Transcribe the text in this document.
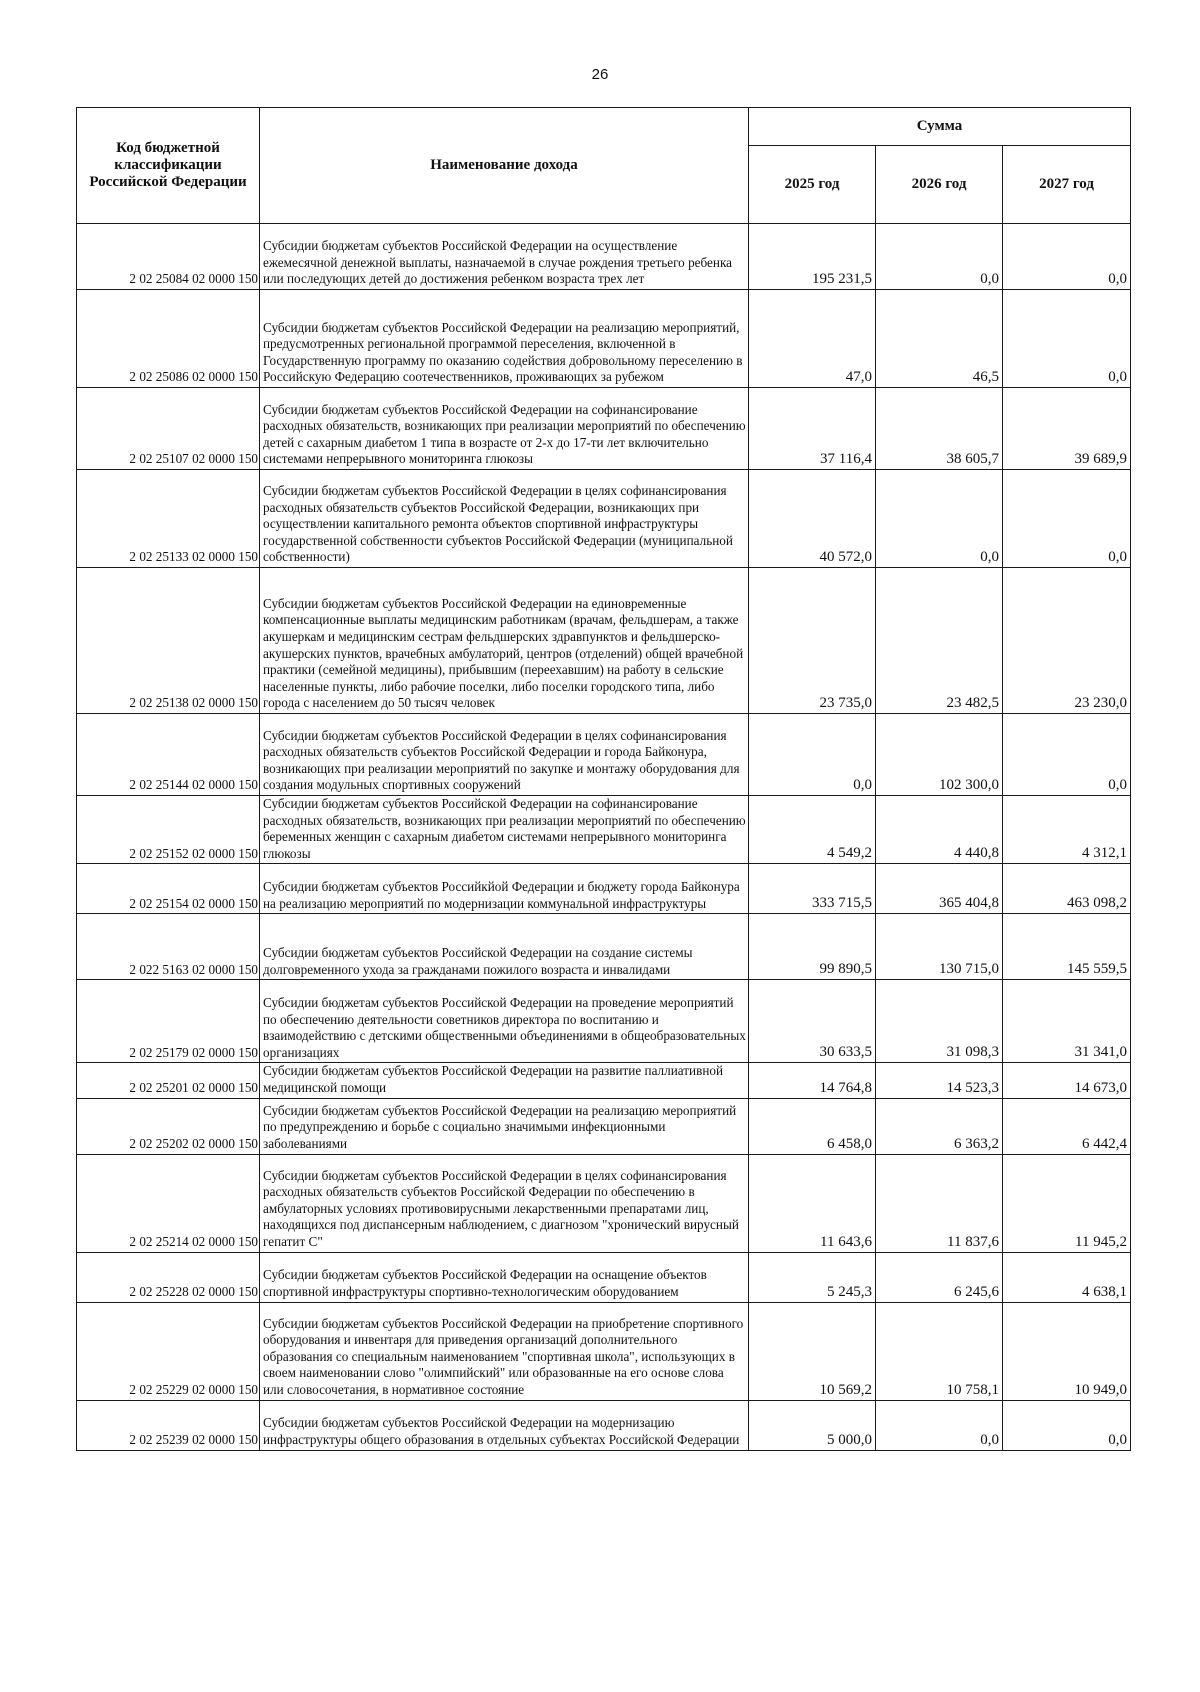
26
Код бюджетной классификации Российской Федерации	Наименование дохода	Сумма		
		2025 год	2026 год	2027 год
2 02 25084 02 0000 150	Субсидии бюджетам субъектов Российской Федерации на осуществление ежемесячной денежной выплаты, назначаемой в случае рождения третьего ребенка или последующих детей до достижения ребенком возраста трех лет	195 231,5	0,0	0,0
2 02 25086 02 0000 150	Субсидии бюджетам субъектов Российской Федерации на реализацию мероприятий, предусмотренных региональной программой переселения, включенной в Государственную программу по оказанию содействия добровольному переселению в Российскую Федерацию соотечественников, проживающих за рубежом	47,0	46,5	0,0
2 02 25107 02 0000 150	Субсидии бюджетам субъектов Российской Федерации на софинансирование расходных обязательств, возникающих при реализации мероприятий по обеспечению детей с сахарным диабетом 1 типа в возрасте от 2-х до 17-ти лет включительно системами непрерывного мониторинга глюкозы	37 116,4	38 605,7	39 689,9
2 02 25133 02 0000 150	Субсидии бюджетам субъектов Российской Федерации в целях софинансирования расходных обязательств субъектов Российской Федерации, возникающих при осуществлении капитального ремонта объектов спортивной инфраструктуры государственной собственности субъектов Российской Федерации (муниципальной собственности)	40 572,0	0,0	0,0
2 02 25138 02 0000 150	Субсидии бюджетам субъектов Российской Федерации на единовременные компенсационные выплаты медицинским работникам (врачам, фельдшерам, а также акушеркам и медицинским сестрам фельдшерских здравпунктов и фельдшерско-акушерских пунктов, врачебных амбулаторий, центров (отделений) общей врачебной практики (семейной медицины), прибывшим (переехавшим) на работу в сельские населенные пункты, либо рабочие поселки, либо поселки городского типа, либо города с населением до 50 тысяч человек	23 735,0	23 482,5	23 230,0
2 02 25144 02 0000 150	Субсидии бюджетам субъектов Российской Федерации в целях софинансирования расходных обязательств субъектов Российской Федерации и города Байконура, возникающих при реализации мероприятий по закупке и монтажу оборудования для создания модульных спортивных сооружений	0,0	102 300,0	0,0
2 02 25152 02 0000 150	Субсидии бюджетам субъектов Российской Федерации на софинансирование расходных обязательств, возникающих при реализации мероприятий по обеспечению беременных женщин с сахарным диабетом системами непрерывного мониторинга глюкозы	4 549,2	4 440,8	4 312,1
2 02 25154 02 0000 150	Субсидии бюджетам субъектов Российкйой Федерации и бюджету города Байконура на реализацию мероприятий по модернизации коммунальной инфраструктуры	333 715,5	365 404,8	463 098,2
2 022 5163 02 0000 150	Субсидии бюджетам субъектов Российской Федерации на создание системы долговременного ухода за гражданами пожилого возраста и инвалидами	99 890,5	130 715,0	145 559,5
2 02 25179 02 0000 150	Субсидии бюджетам субъектов Российской Федерации на проведение мероприятий по обеспечению деятельности советников директора по воспитанию и взаимодействию с детскими общественными объединениями в общеобразовательных организациях	30 633,5	31 098,3	31 341,0
2 02 25201 02 0000 150	Субсидии бюджетам субъектов Российской Федерации на развитие паллиативной медицинской помощи	14 764,8	14 523,3	14 673,0
2 02 25202 02 0000 150	Субсидии бюджетам субъектов Российской Федерации на реализацию мероприятий по предупреждению и борьбе с социально значимыми инфекционными заболеваниями	6 458,0	6 363,2	6 442,4
2 02 25214 02 0000 150	Субсидии бюджетам субъектов Российской Федерации в целях софинансирования расходных обязательств субъектов Российской Федерации по обеспечению в амбулаторных условиях противовирусными лекарственными препаратами лиц, находящихся под диспансерным наблюдением, с диагнозом "хронический вирусный гепатит С"	11 643,6	11 837,6	11 945,2
2 02 25228 02 0000 150	Субсидии бюджетам субъектов Российской Федерации на оснащение объектов спортивной инфраструктуры спортивно-технологическим оборудованием	5 245,3	6 245,6	4 638,1
2 02 25229 02 0000 150	Субсидии бюджетам субъектов Российской Федерации на приобретение спортивного оборудования и инвентаря для приведения организаций дополнительного образования со специальным наименованием "спортивная школа", использующих в своем наименовании слово "олимпийский" или образованные на его основе слова или словосочетания, в нормативное состояние	10 569,2	10 758,1	10 949,0
2 02 25239 02 0000 150	Субсидии бюджетам субъектов Российской Федерации на модернизацию инфраструктуры общего образования в отдельных субъектах Российской Федерации	5 000,0	0,0	0,0
